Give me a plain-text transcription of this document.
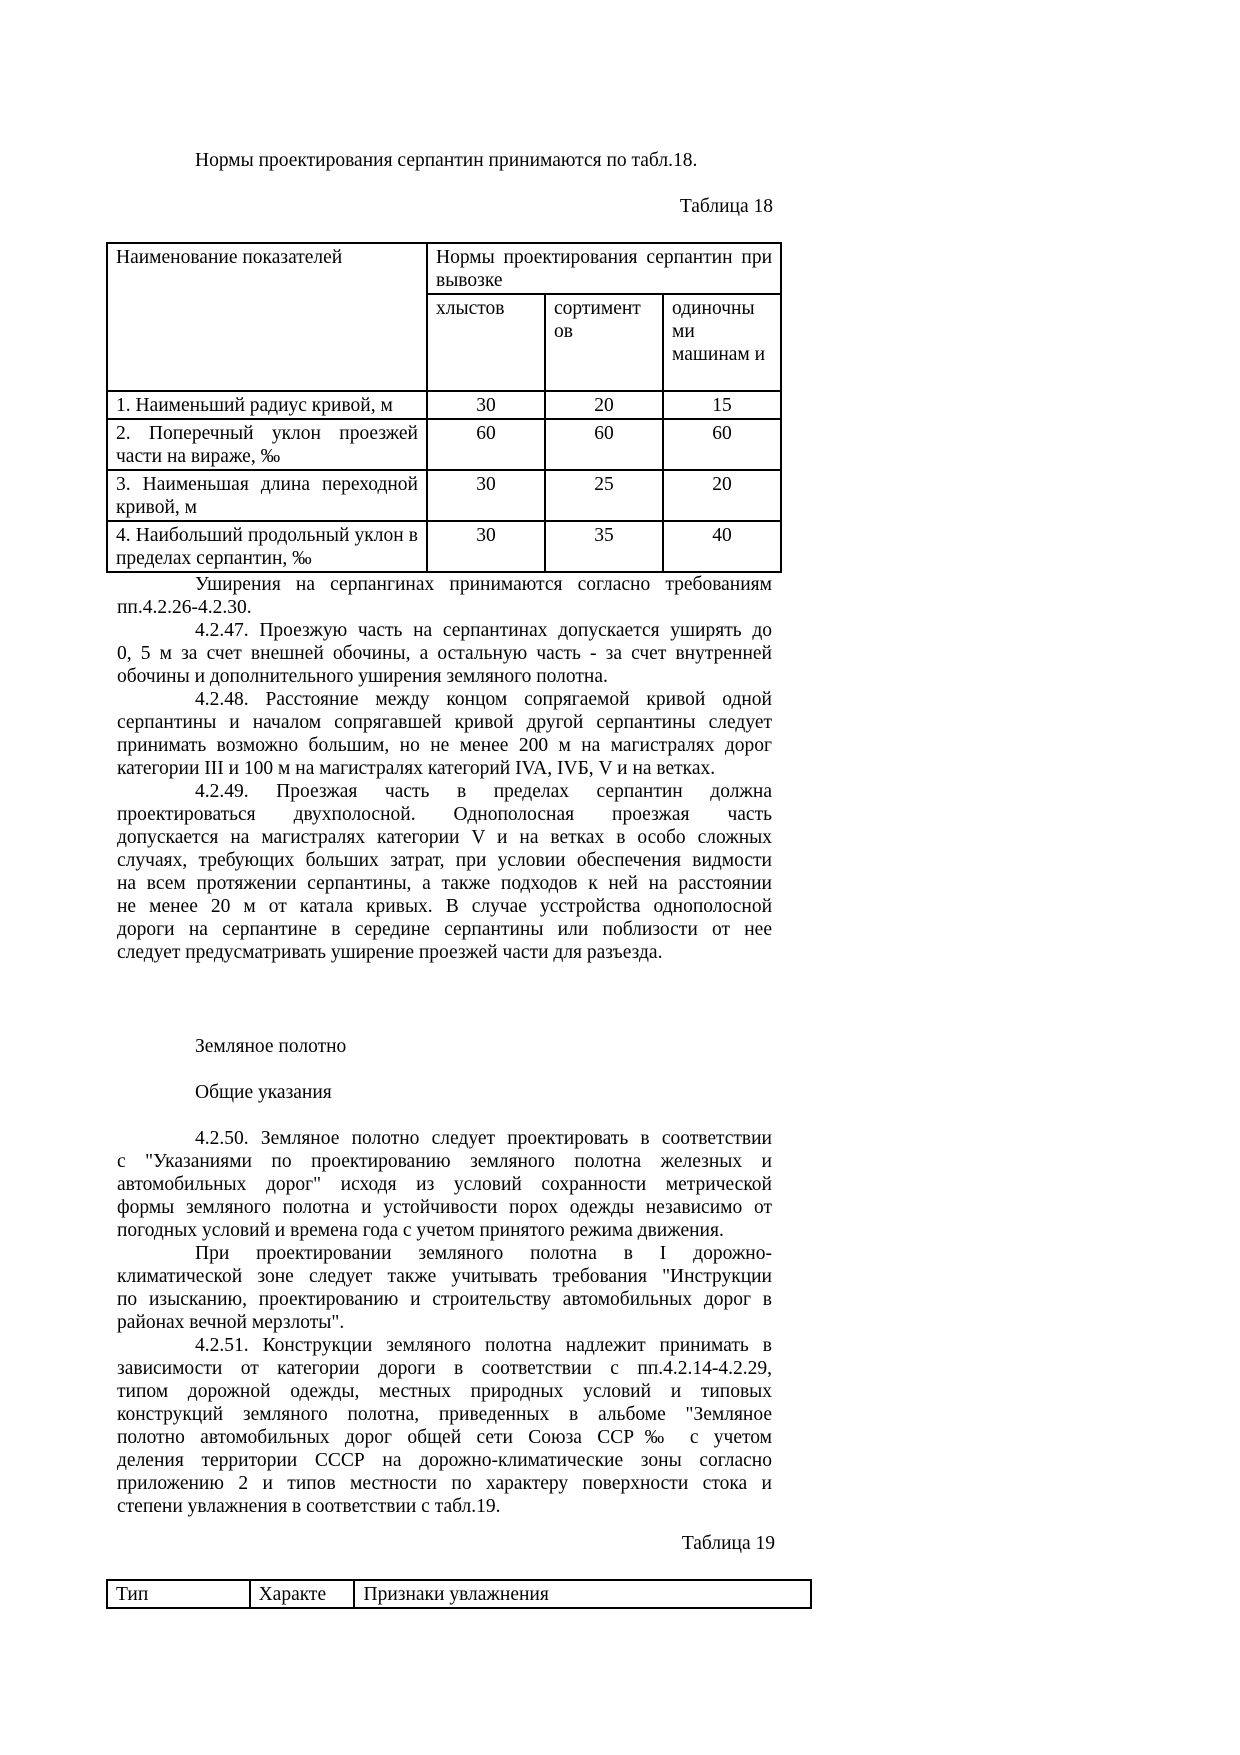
Нормы проектирования серпантин принимаются по табл.18.

Таблица 18

Наименование показателей	Нормы проектирования серпантин при вывозке		
	хлыстов	сортимент ов	одиночны ми машинам и
1. Наименьший радиус кривой, м	30	20	15
2. Поперечный уклон проезжей части на вираже, ‰	60	60	60
3. Наименьшая длина переходной кривой, м	30	25	20
4. Наибольший продольный уклон в пределах серпантин, ‰	30	35	40
Уширения на серпангинах принимаются согласно требованиям
пп.4.2.26-4.2.30.
4.2.47. Проезжую часть на серпантинах допускается уширять до
0, 5 м за счет внешней обочины, а остальную часть - за счет внутренней
обочины и дополнительного уширения земляного полотна.
4.2.48. Расстояние между концом сопрягаемой кривой одной
серпантины и началом сопрягавшей кривой другой серпантины следует
принимать возможно большим, но не менее 200 м на магистралях дорог
категории III и 100 м на магистралях категорий IVA, IVБ, V и на ветках.
4.2.49. Проезжая часть в пределах серпантин должна
проектироваться двухполосной. Однополосная проезжая часть
допускается на магистралях категории V и на ветках в особо сложных
случаях, требующих больших затрат, при условии обеспечения видмости
на всем протяжении серпантины, а также подходов к ней на расстоянии
не менее 20 м от катала кривых. В случае усстройства однополосной
дороги на серпантине в середине серпантины или поблизости от нее
следует предусматривать уширение проезжей части для разъезда.

Земляное полотно

Общие указания

4.2.50. Земляное полотно следует проектировать в соответствии
с "Указаниями по проектированию земляного полотна железных и
автомобильных дорог" исходя из условий сохранности метрической
формы земляного полотна и устойчивости порох одежды независимо от
погодных условий и времена года с учетом принятого режима движения.
При проектировании земляного полотна в I дорожно-
климатической зоне следует также учитывать требования "Инструкции
по изысканию, проектированию и строительству автомобильных дорог в
районах вечной мерзлоты".
4.2.51. Конструкции земляного полотна надлежит принимать в
зависимости от категории дороги в соответствии с пп.4.2.14-4.2.29,
типом дорожной одежды, местных природных условий и типовых
конструкций земляного полотна, приведенных в альбоме "Земляное
полотно автомобильных дорог общей сети Союза ССР‰ с учетом
деления территории СССР на дорожно-климатические зоны согласно
приложению 2 и типов местности по характеру поверхности стока и
степени увлажнения в соответствии с табл.19.

Таблица 19

Тип	Характе	Признаки увлажнения
